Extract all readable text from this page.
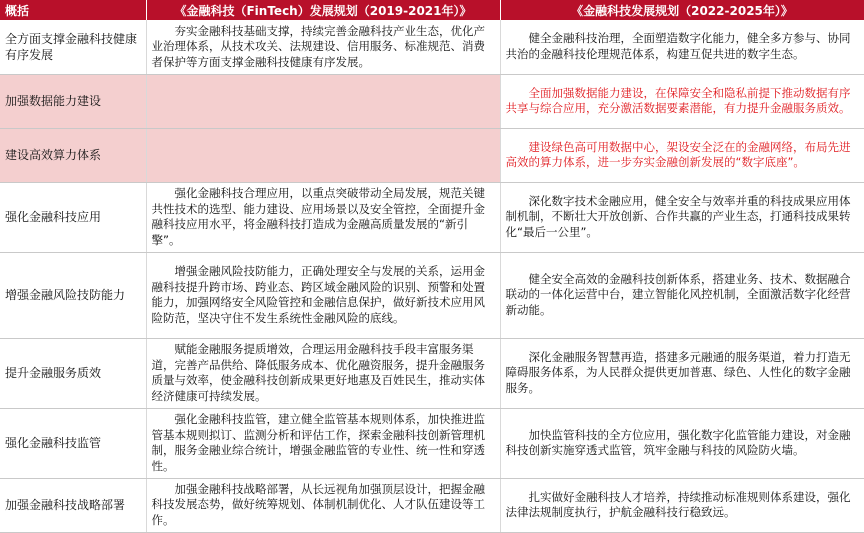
概括	《金融科技（FinTech）发展规划（2019-2021年）》	《金融科技发展规划（2022-2025年）》
全方面支撑金融科技健康有序发展	夯实金融科技基础支撑，持续完善金融科技产业生态，优化产业治理体系，从技术攻关、法规建设、信用服务、标准规范、消费者保护等方面支撑金融科技健康有序发展。	健全金融科技治理，全面塑造数字化能力，健全多方参与、协同共治的金融科技伦理规范体系，构建互促共进的数字生态。
加强数据能力建设		全面加强数据能力建设，在保障安全和隐私前提下推动数据有序共享与综合应用，充分激活数据要素潜能，有力提升金融服务质效。
建设高效算力体系		建设绿色高可用数据中心，架设安全泛在的金融网络，布局先进高效的算力体系，进一步夯实金融创新发展的“数字底座”。
强化金融科技应用	强化金融科技合理应用，以重点突破带动全局发展，规范关键共性技术的选型、能力建设、应用场景以及安全管控，全面提升金融科技应用水平，将金融科技打造成为金融高质量发展的“新引擎”。	深化数字技术金融应用，健全安全与效率并重的科技成果应用体制机制，不断壮大开放创新、合作共赢的产业生态，打通科技成果转化“最后一公里”。
增强金融风险技防能力	增强金融风险技防能力，正确处理安全与发展的关系，运用金融科技提升跨市场、跨业态、跨区域金融风险的识别、预警和处置能力，加强网络安全风险管控和金融信息保护，做好新技术应用风险防范，坚决守住不发生系统性金融风险的底线。	健全安全高效的金融科技创新体系，搭建业务、技术、数据融合联动的一体化运营中台，建立智能化风控机制，全面激活数字化经营新动能。
提升金融服务质效	赋能金融服务提质增效，合理运用金融科技手段丰富服务渠道，完善产品供给、降低服务成本、优化融资服务，提升金融服务质量与效率，使金融科技创新成果更好地惠及百姓民生，推动实体经济健康可持续发展。	深化金融服务智慧再造，搭建多元融通的服务渠道，着力打造无障碍服务体系，为人民群众提供更加普惠、绿色、人性化的数字金融服务。
强化金融科技监管	强化金融科技监管，建立健全监管基本规则体系，加快推进监管基本规则拟订、监测分析和评估工作，探索金融科技创新管理机制，服务金融业综合统计，增强金融监管的专业性、统一性和穿透性。	加快监管科技的全方位应用，强化数字化监管能力建设，对金融科技创新实施穿透式监管，筑牢金融与科技的风险防火墙。
加强金融科技战略部署	加强金融科技战略部署，从长远视角加强顶层设计，把握金融科技发展态势，做好统筹规划、体制机制优化、人才队伍建设等工作。	扎实做好金融科技人才培养，持续推动标准规则体系建设，强化法律法规制度执行，护航金融科技行稳致远。
